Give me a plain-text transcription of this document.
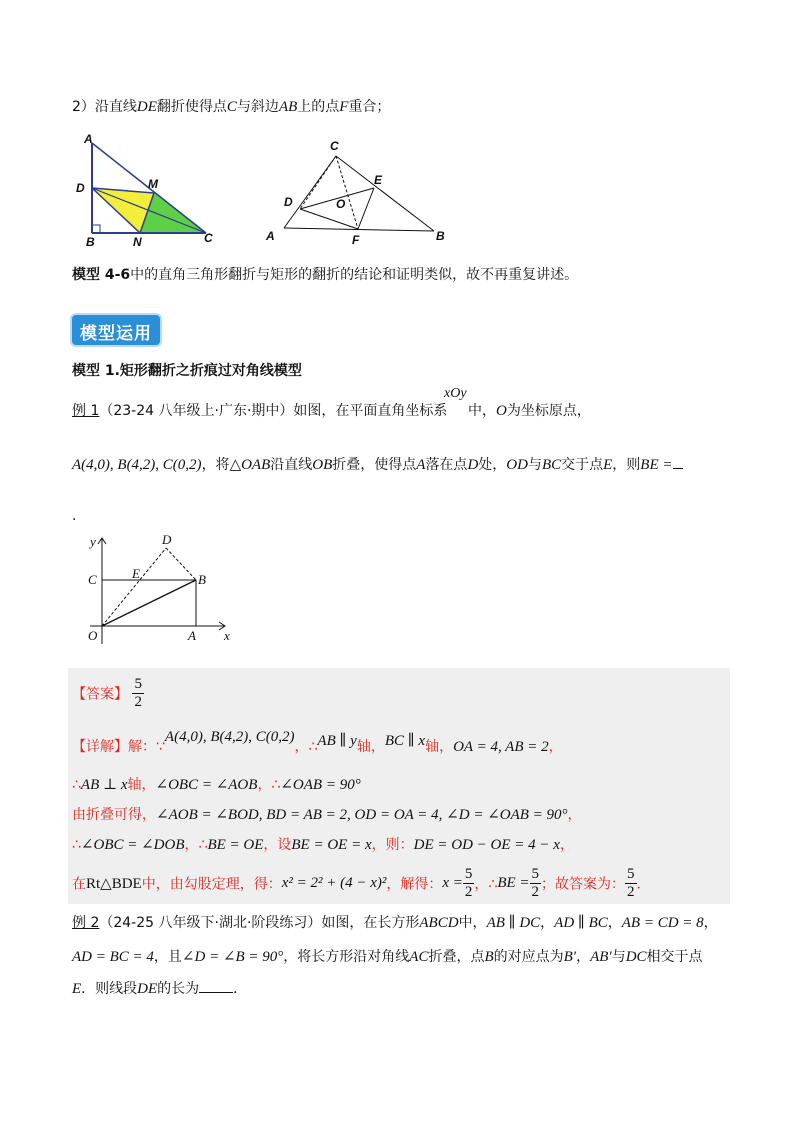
2）沿直线DE翻折使得点C与斜边AB上的点F重合；
A
D	M
B	N	C
C
E
D	O
A	F	B
模型 4-6中的直角三角形翻折与矩形的翻折的结论和证明类似，故不再重复讲述。
模型运用
模型 1.矩形翻折之折痕过对角线模型
例 1（23-24 八年级上·广东·期中）如图，在平面直角坐标系
xOy
中，O为坐标原点，
A(4,0), B(4,2), C(0,2)，将△OAB沿直线OB折叠，使得点A落在点D处，OD与BC交于点E，则BE =
.
y	D
C	E	B
O	A x
【答案】 $\frac{5}{2}$
【详解】解：∵A(4,0), B(4,2), C(0,2)，∴AB ∥ y轴，BC ∥ x轴，OA = 4, AB = 2，
∴AB ⊥ x轴，∠OBC = ∠AOB，∴∠OAB = 90°
由折叠可得，∠AOB = ∠BOD, BD = AB = 2, OD = OA = 4, ∠D = ∠OAB = 90°，
∴∠OBC = ∠DOB，∴BE = OE，设BE = OE = x，则：DE = OD − OE = 4 − x，
在Rt△BDE中，由勾股定理，得：x² = 2² + (4 − x)²，解得：$x = \frac{5}{2}$ ，∴BE = $\frac{5}{2}$ ；故答案为： $\frac{5}{2}$ ．
例 2（24-25 八年级下·湖北·阶段练习）如图，在长方形ABCD中，AB ∥ DC，AD ∥ BC，AB = CD = 8，
AD = BC = 4，且∠D = ∠B = 90°，将长方形沿对角线AC折叠，点B的对应点为B′，AB′与DC相交于点
E．则线段DE的长为 ．
